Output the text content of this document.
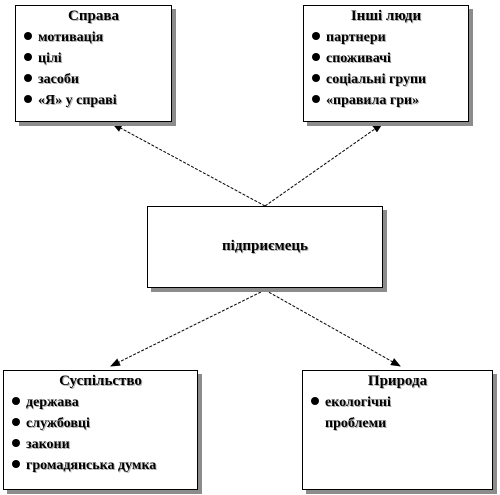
Справа
мотивація
цілі
засоби
«Я» у справі
Інші люди
партнери
споживачі
соціальні групи
«правила гри»
підприємець
Суспільство
держава
службовці
закони
громадянська думка
Природа
екологічні проблеми
